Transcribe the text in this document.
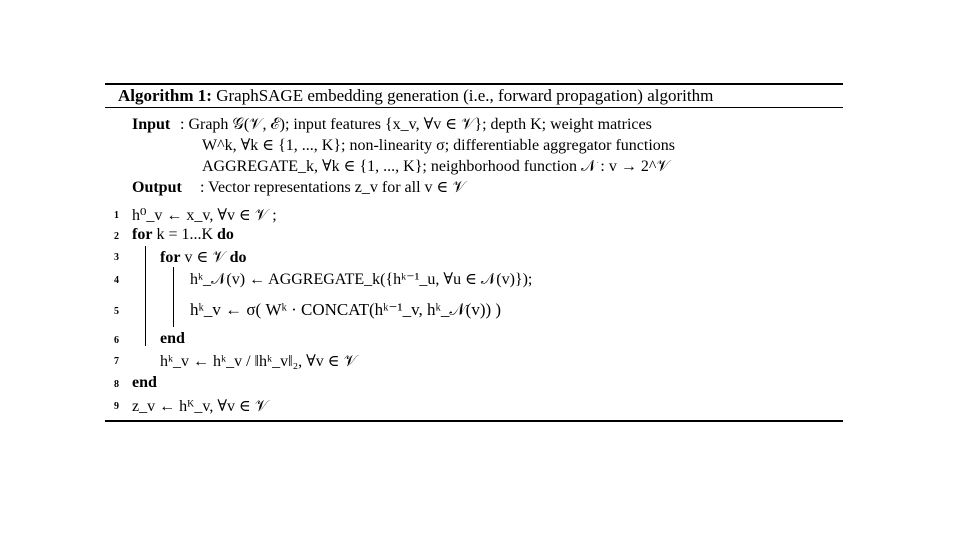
Algorithm 1: GraphSAGE embedding generation (i.e., forward propagation) algorithm
Input : Graph 𝒢(𝒱, ℰ); input features {x_v, ∀v ∈ 𝒱}; depth K; weight matrices
W^k, ∀k ∈ {1, ..., K}; non-linearity σ; differentiable aggregator functions
AGGREGATE_k, ∀k ∈ {1, ..., K}; neighborhood function 𝒩 : v → 2^𝒱
Output : Vector representations z_v for all v ∈ 𝒱
1 h⁰_v ← x_v, ∀v ∈ 𝒱 ;
2 for k = 1...K do
3	for v ∈ 𝒱 do
4	hᵏ_𝒩(v) ← AGGREGATE_k({hᵏ⁻¹_u, ∀u ∈ 𝒩(v)});
5	hᵏ_v ← σ( Wᵏ · CONCAT(hᵏ⁻¹_v, hᵏ_𝒩(v)) )
6	end
7	hᵏ_v ← hᵏ_v / ‖hᵏ_v‖₂, ∀v ∈ 𝒱
8 end
9 z_v ← hᴷ_v, ∀v ∈ 𝒱
